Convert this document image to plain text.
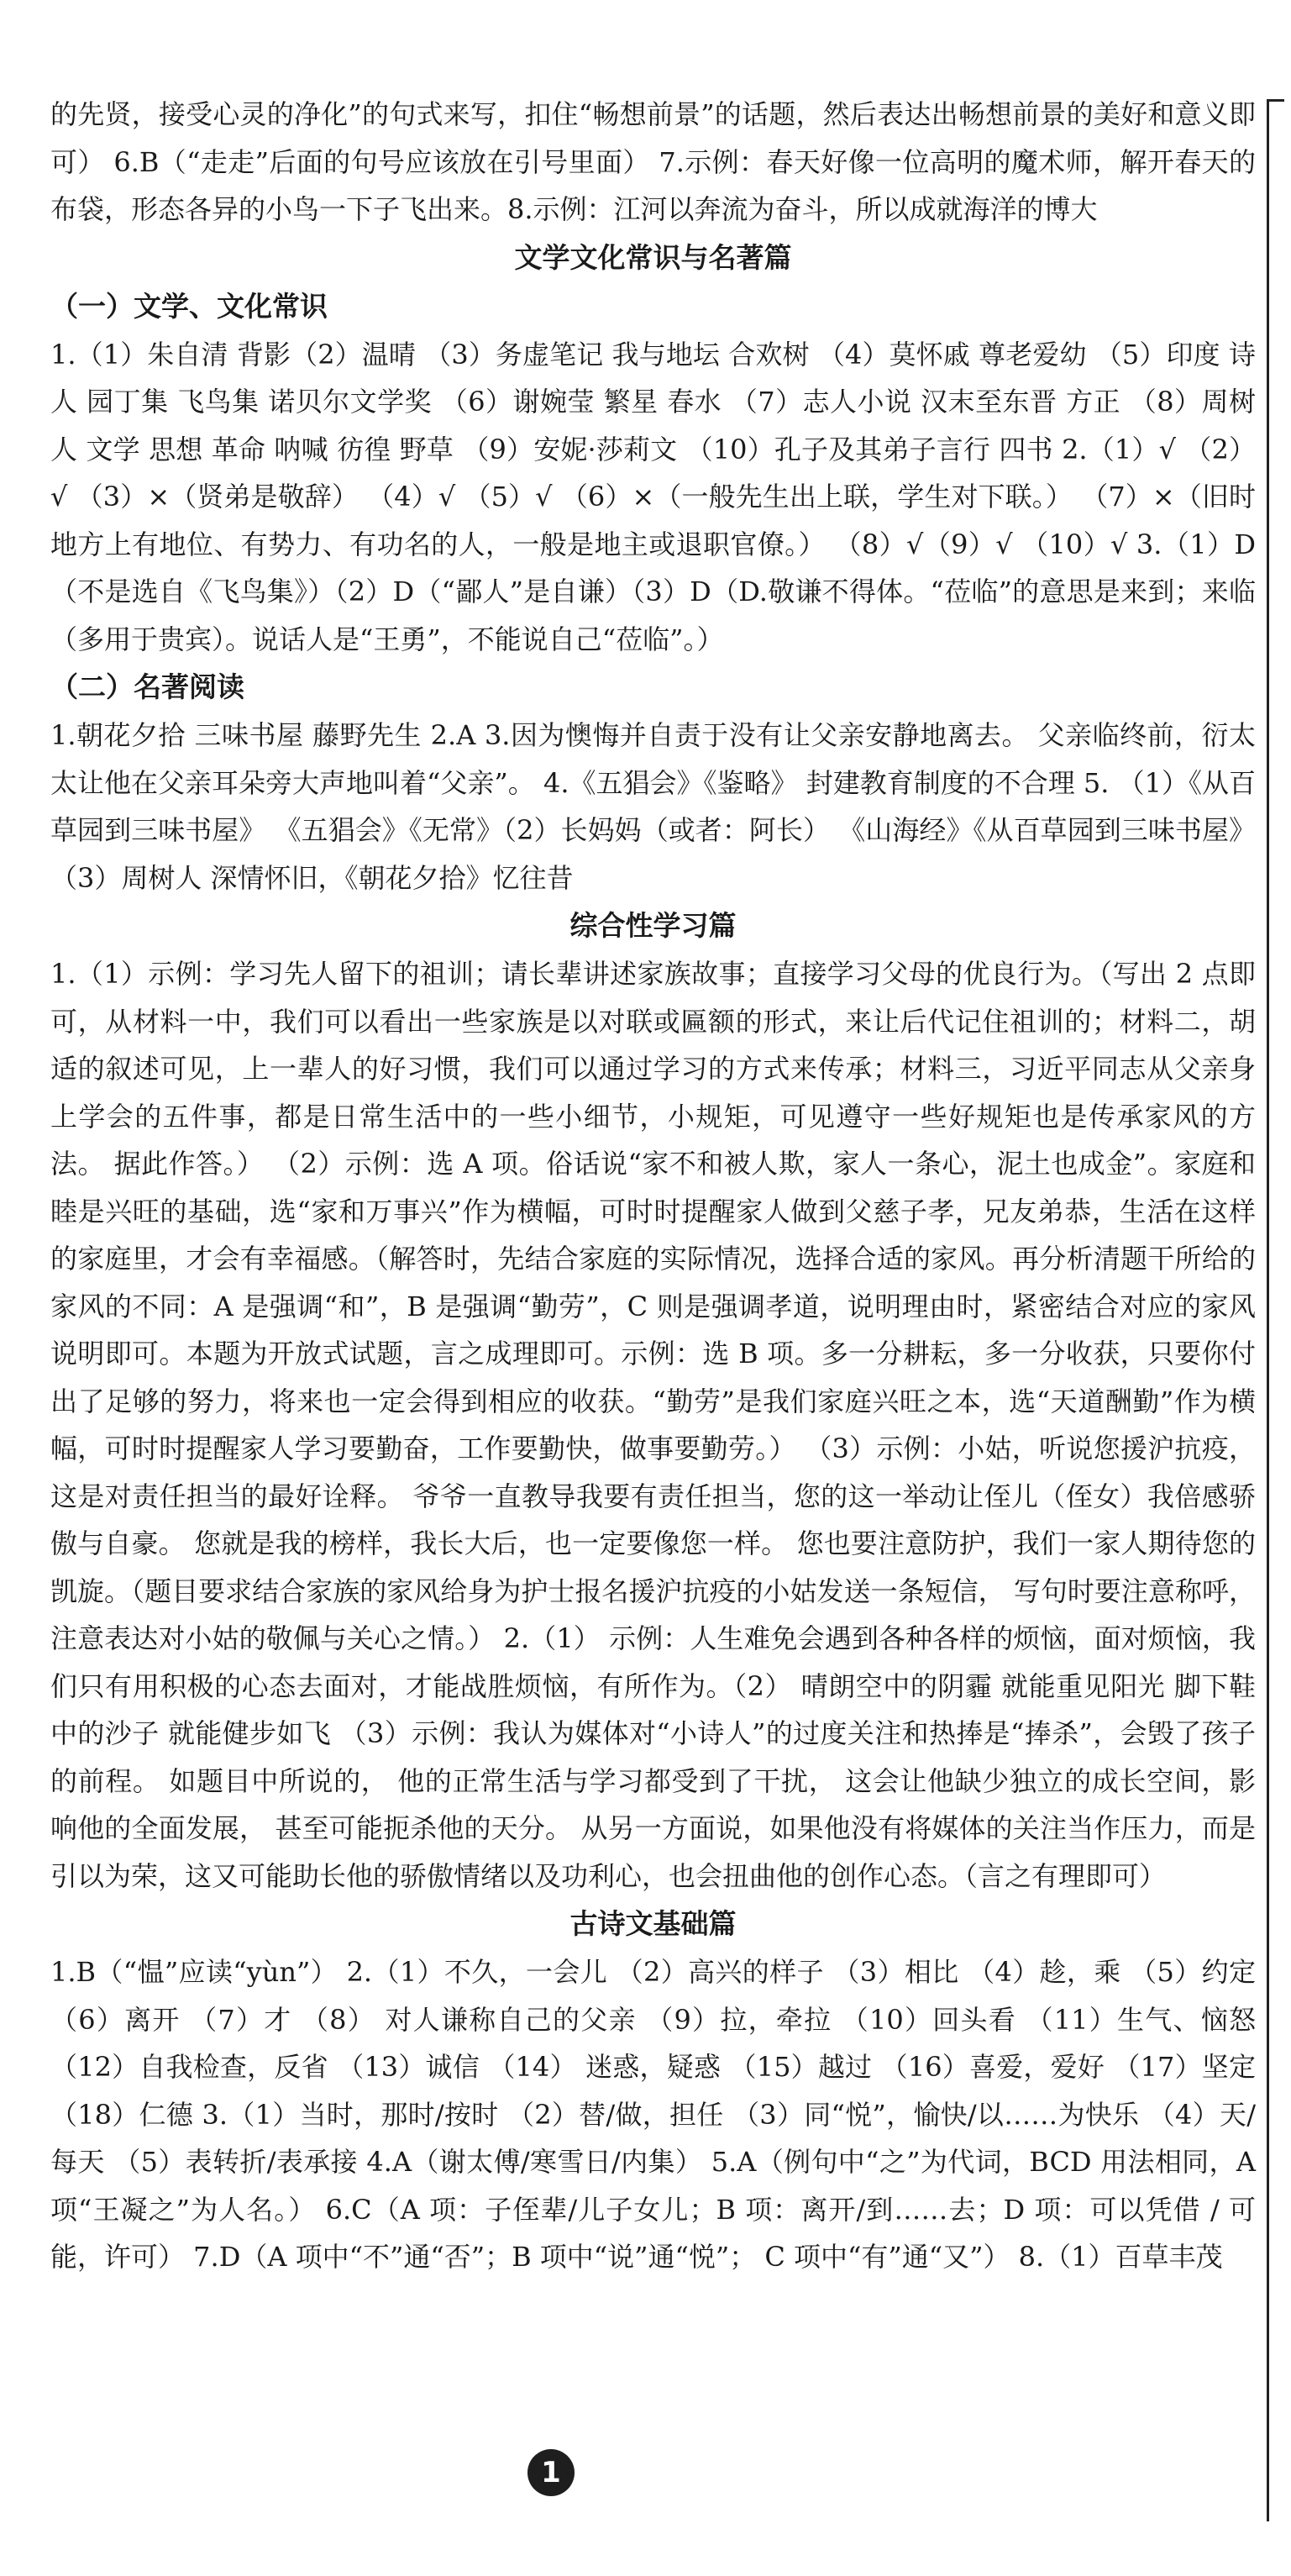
的先贤，接受心灵的净化”的句式来写，扣住“畅想前景”的话题，然后表达出畅想前景的美好和意义即可） 6.B（“走走”后面的句号应该放在引号里面） 7.示例：春天好像一位高明的魔术师，解开春天的布袋，形态各异的小鸟一下子飞出来。8.示例：江河以奔流为奋斗，所以成就海洋的博大

文学文化常识与名著篇
（一）文学、文化常识

1.（1）朱自清 背影（2）温晴 （3）务虚笔记 我与地坛 合欢树 （4）莫怀戚 尊老爱幼 （5）印度 诗人 园丁集 飞鸟集 诺贝尔文学奖 （6）谢婉莹 繁星 春水 （7）志人小说 汉末至东晋 方正 （8）周树人 文学 思想 革命 呐喊 彷徨 野草 （9）安妮·莎莉文 （10）孔子及其弟子言行 四书 2.（1）√ （2）√ （3）×（贤弟是敬辞） （4）√ （5）√ （6）×（一般先生出上联，学生对下联。） （7）×（旧时地方上有地位、有势力、有功名的人，一般是地主或退职官僚。） （8）√（9）√ （10）√ 3.（1）D（不是选自《飞鸟集》）（2）D（“鄙人”是自谦）（3）D（D.敬谦不得体。“莅临”的意思是来到；来临（多用于贵宾）。说话人是“王勇”，不能说自己“莅临”。）

（二）名著阅读

1.朝花夕拾 三味书屋 藤野先生 2.A 3.因为懊悔并自责于没有让父亲安静地离去。 父亲临终前，衍太太让他在父亲耳朵旁大声地叫着“父亲”。 4.《五猖会》《鉴略》 封建教育制度的不合理 5. （1）《从百草园到三味书屋》 《五猖会》《无常》（2）长妈妈（或者：阿长） 《山海经》《从百草园到三味书屋》（3）周树人 深情怀旧，《朝花夕拾》忆往昔

综合性学习篇

1.（1）示例：学习先人留下的祖训；请长辈讲述家族故事；直接学习父母的优良行为。（写出 2 点即可，从材料一中，我们可以看出一些家族是以对联或匾额的形式，来让后代记住祖训的；材料二，胡适的叙述可见，上一辈人的好习惯，我们可以通过学习的方式来传承；材料三，习近平同志从父亲身上学会的五件事，都是日常生活中的一些小细节，小规矩，可见遵守一些好规矩也是传承家风的方法。 据此作答。） （2）示例：选 A 项。俗话说“家不和被人欺，家人一条心，泥土也成金”。家庭和睦是兴旺的基础，选“家和万事兴”作为横幅，可时时提醒家人做到父慈子孝，兄友弟恭，生活在这样的家庭里，才会有幸福感。（解答时，先结合家庭的实际情况，选择合适的家风。再分析清题干所给的家风的不同：A 是强调“和”，B 是强调“勤劳”，C 则是强调孝道，说明理由时，紧密结合对应的家风说明即可。本题为开放式试题，言之成理即可。示例：选 B 项。多一分耕耘，多一分收获，只要你付出了足够的努力，将来也一定会得到相应的收获。“勤劳”是我们家庭兴旺之本，选“天道酬勤”作为横幅，可时时提醒家人学习要勤奋，工作要勤快，做事要勤劳。） （3）示例：小姑，听说您援沪抗疫，这是对责任担当的最好诠释。 爷爷一直教导我要有责任担当，您的这一举动让侄儿（侄女）我倍感骄傲与自豪。 您就是我的榜样，我长大后，也一定要像您一样。 您也要注意防护，我们一家人期待您的凯旋。（题目要求结合家族的家风给身为护士报名援沪抗疫的小姑发送一条短信， 写句时要注意称呼，注意表达对小姑的敬佩与关心之情。） 2.（1） 示例：人生难免会遇到各种各样的烦恼，面对烦恼，我们只有用积极的心态去面对，才能战胜烦恼，有所作为。（2） 晴朗空中的阴霾 就能重见阳光 脚下鞋中的沙子 就能健步如飞 （3）示例：我认为媒体对“小诗人”的过度关注和热捧是“捧杀”，会毁了孩子的前程。 如题目中所说的， 他的正常生活与学习都受到了干扰， 这会让他缺少独立的成长空间，影响他的全面发展， 甚至可能扼杀他的天分。 从另一方面说，如果他没有将媒体的关注当作压力，而是引以为荣，这又可能助长他的骄傲情绪以及功利心，也会扭曲他的创作心态。（言之有理即可）

古诗文基础篇

1.B（“愠”应读“yùn”） 2.（1）不久，一会儿 （2）高兴的样子 （3）相比 （4）趁，乘 （5）约定 （6）离开 （7）才 （8） 对人谦称自己的父亲 （9）拉，牵拉 （10）回头看 （11）生气、恼怒 （12）自我检查，反省 （13）诚信 （14） 迷惑，疑惑 （15）越过 （16）喜爱，爱好 （17）坚定 （18）仁德 3.（1）当时，那时/按时 （2）替/做，担任 （3）同“悦”，愉快/以……为快乐 （4）天/每天 （5）表转折/表承接 4.A（谢太傅/寒雪日/内集） 5.A（例句中“之”为代词，BCD 用法相同，A 项“王凝之”为人名。） 6.C（A 项：子侄辈/儿子女儿；B 项：离开/到……去；D 项：可以凭借 / 可能，许可） 7.D（A 项中“不”通“否”；B 项中“说”通“悦”； C 项中“有”通“又”） 8.（1）百草丰茂

1
